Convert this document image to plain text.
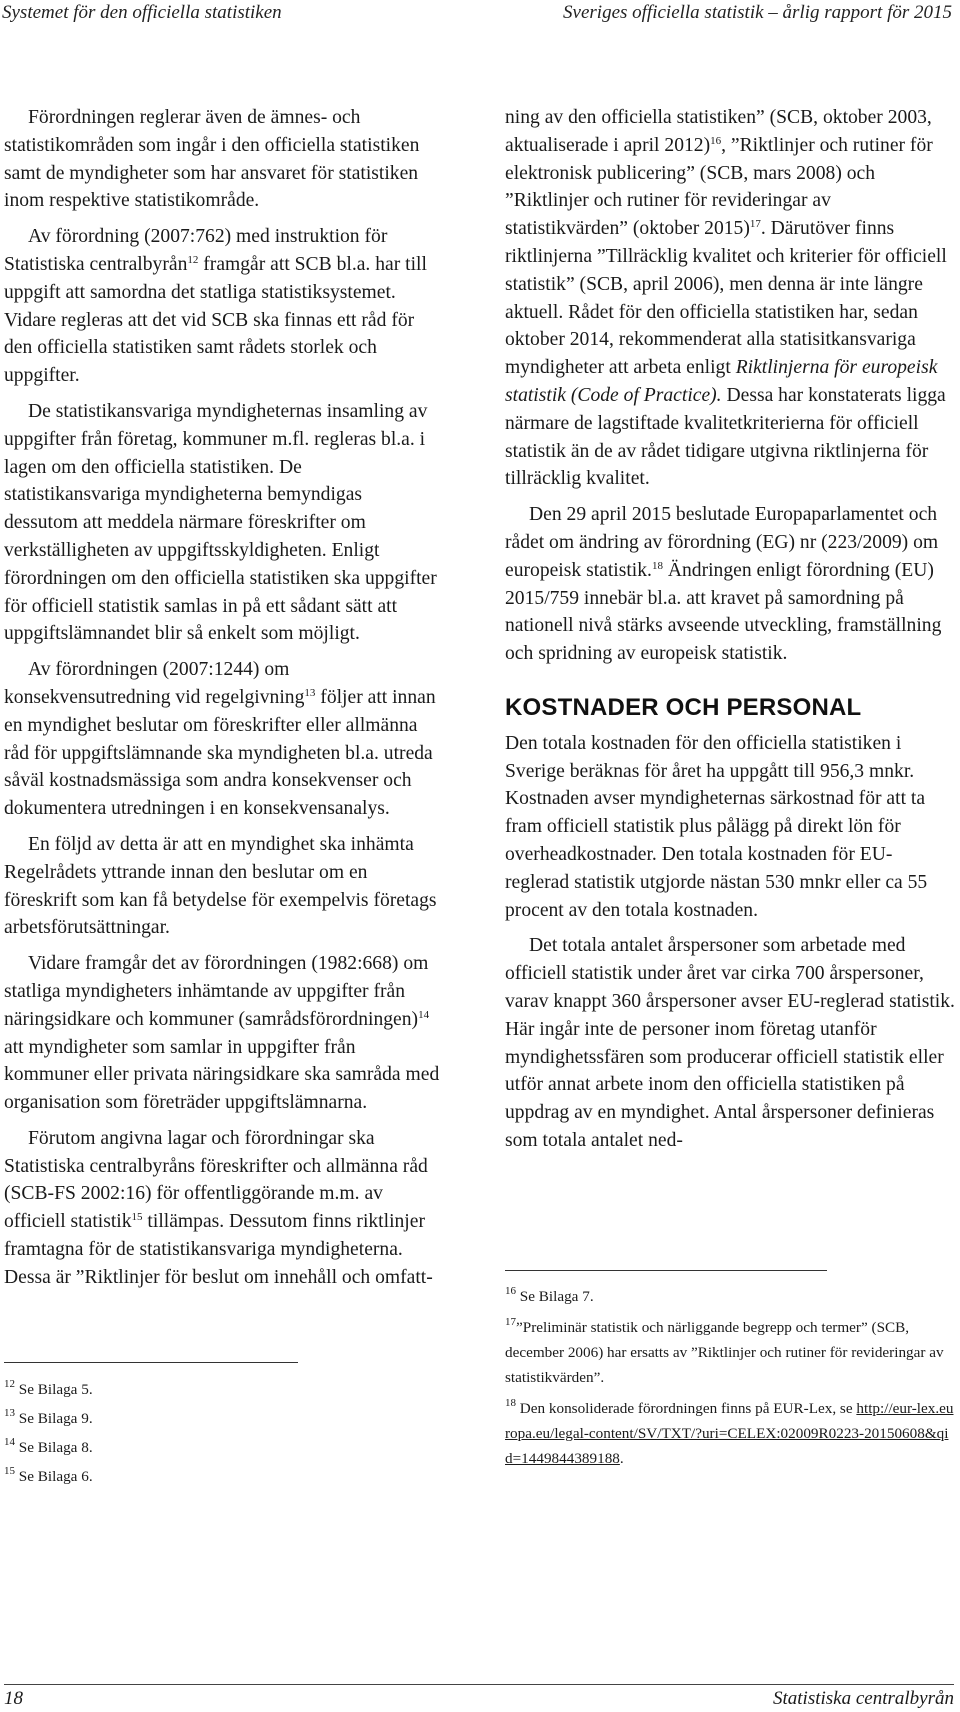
Systemet för den officiella statistiken	Sveriges officiella statistik – årlig rapport för 2015

Förordningen reglerar även de ämnes- och statistikområden som ingår i den officiella statistiken samt de myndigheter som har ansvaret för statistiken inom respektive statistikområde.

Av förordning (2007:762) med instruktion för Statistiska centralbyrån$^{12}$ framgår att SCB bl.a. har till uppgift att samordna det statliga statistiksystemet. Vidare regleras att det vid SCB ska finnas ett råd för den officiella statistiken samt rådets storlek och uppgifter.

De statistikansvariga myndigheternas insamling av uppgifter från företag, kommuner m.fl. regleras bl.a. i lagen om den officiella statistiken. De statistikansvariga myndigheterna bemyndigas dessutom att meddela närmare föreskrifter om verkställigheten av uppgiftsskyldigheten. Enligt förordningen om den officiella statistiken ska uppgifter för officiell statistik samlas in på ett sådant sätt att uppgiftslämnandet blir så enkelt som möjligt.

Av förordningen (2007:1244) om konsekvensutredning vid regelgivning$^{13}$ följer att innan en myndighet beslutar om föreskrifter eller allmänna råd för uppgiftslämnande ska myndigheten bl.a. utreda såväl kostnadsmässiga som andra konsekvenser och dokumentera utredningen i en konsekvensanalys.

En följd av detta är att en myndighet ska inhämta Regelrådets yttrande innan den beslutar om en föreskrift som kan få betydelse för exempelvis företags arbetsförutsättningar.

Vidare framgår det av förordningen (1982:668) om statliga myndigheters inhämtande av uppgifter från näringsidkare och kommuner (samrådsförordningen)$^{14}$ att myndigheter som samlar in uppgifter från kommuner eller privata näringsidkare ska samråda med organisation som företräder uppgiftslämnarna.

Förutom angivna lagar och förordningar ska Statistiska centralbyråns föreskrifter och allmänna råd (SCB-FS 2002:16) för offentliggörande m.m. av officiell statistik$^{15}$ tillämpas. Dessutom finns riktlinjer framtagna för de statistikansvariga myndigheterna. Dessa är ”Riktlinjer för beslut om innehåll och omfatt-

$^{12}$ Se Bilaga 5.

$^{13}$ Se Bilaga 9.

$^{14}$ Se Bilaga 8.

$^{15}$ Se Bilaga 6.

ning av den officiella statistiken” (SCB, oktober 2003, aktualiserade i april 2012)$^{16}$, ”Riktlinjer och rutiner för elektronisk publicering” (SCB, mars 2008) och ”Riktlinjer och rutiner för revideringar av statistikvärden” (oktober 2015)$^{17}$. Därutöver finns riktlinjerna ”Tillräcklig kvalitet och kriterier för officiell statistik” (SCB, april 2006), men denna är inte längre aktuell. Rådet för den officiella statistiken har, sedan oktober 2014, rekommenderat alla statisitkansvariga myndigheter att arbeta enligt Riktlinjerna för europeisk statistik (Code of Practice). Dessa har konstaterats ligga närmare de lagstiftade kvalitetkriterierna för officiell statistik än de av rådet tidigare utgivna riktlinjerna för tillräcklig kvalitet.

Den 29 april 2015 beslutade Europaparlamentet och rådet om ändring av förordning (EG) nr (223/2009) om europeisk statistik.$^{18}$ Ändringen enligt förordning (EU) 2015/759 innebär bl.a. att kravet på samordning på nationell nivå stärks avseende utveckling, framställning och spridning av europeisk statistik.

KOSTNADER OCH PERSONAL

Den totala kostnaden för den officiella statistiken i Sverige beräknas för året ha uppgått till 956,3 mnkr. Kostnaden avser myndigheternas särkostnad för att ta fram officiell statistik plus pålägg på direkt lön för overheadkostnader. Den totala kostnaden för EU-reglerad statistik utgjorde nästan 530 mnkr eller ca 55 procent av den totala kostnaden.

Det totala antalet årspersoner som arbetade med officiell statistik under året var cirka 700 årspersoner, varav knappt 360 årspersoner avser EU-reglerad statistik. Här ingår inte de personer inom företag utanför myndighetssfären som producerar officiell statistik eller utför annat arbete inom den officiella statistiken på uppdrag av en myndighet. Antal årspersoner definieras som totala antalet ned-

$^{16}$ Se Bilaga 7.

$^{17}$”Preliminär statistik och närliggande begrepp och termer” (SCB, december 2006) har ersatts av ”Riktlinjer och rutiner för revideringar av statistikvärden”.

$^{18}$ Den konsoliderade förordningen finns på EUR-Lex, se http://eur-lex.europa.eu/legal-content/SV/TXT/?uri=CELEX:02009R0223-20150608&qid=1449844389188.

18	Statistiska centralbyrån
